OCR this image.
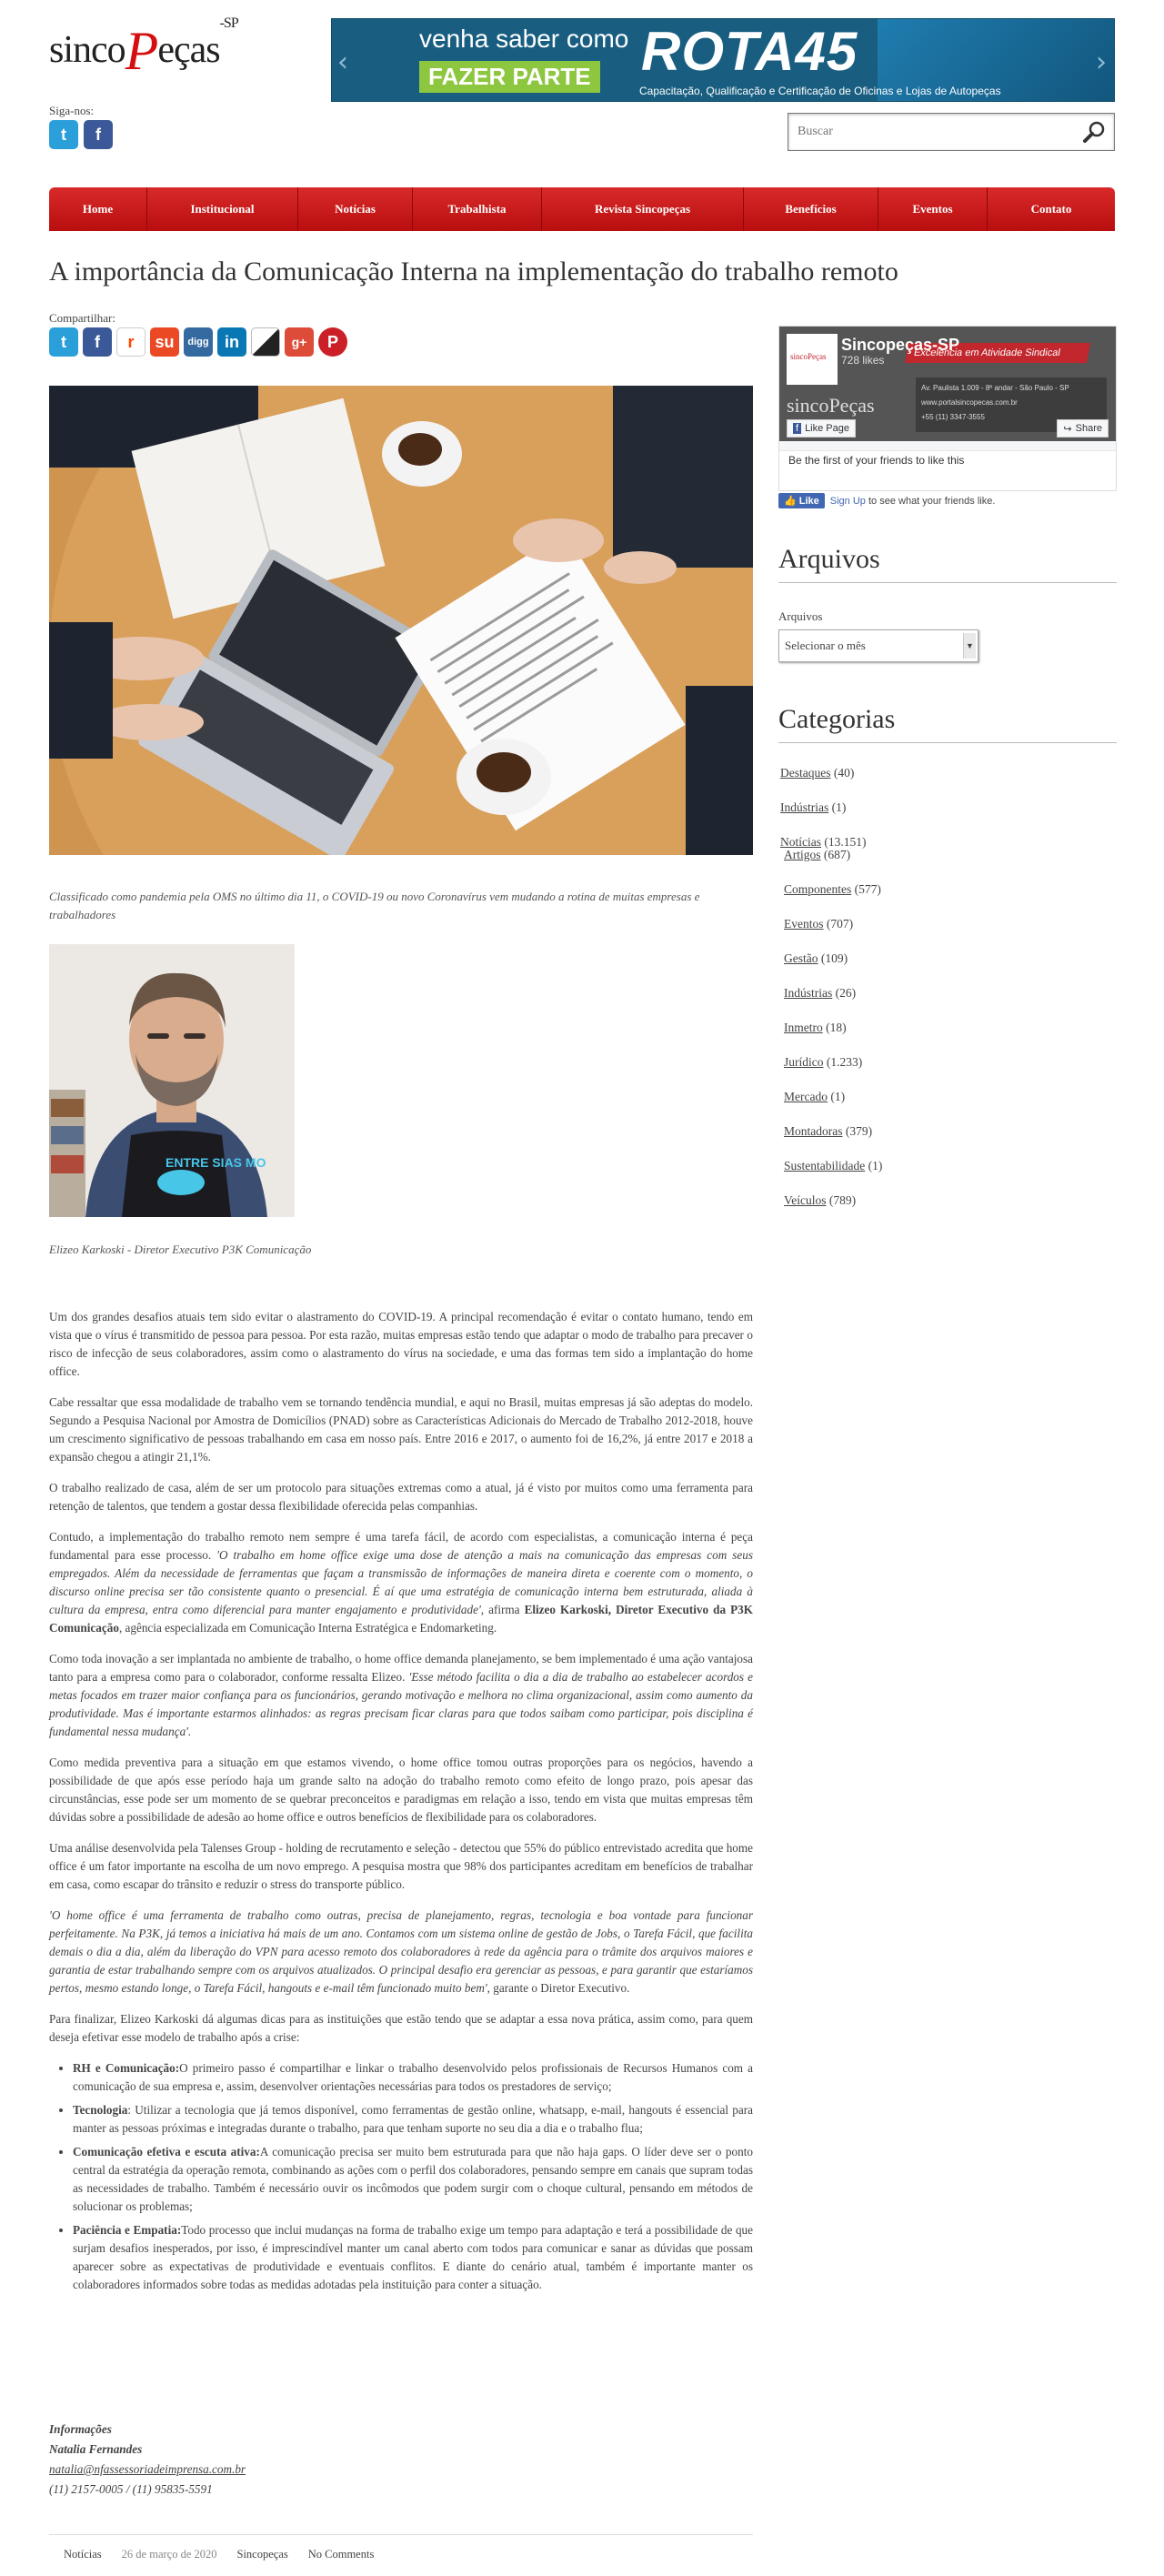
sincoPeças$^{-SP}$
‹	›
venha saber como
FAZER PARTE ROTA45
Capacitação, Qualificação e Certificação de Oficinas e Lojas de Autopeças
Siga-nos:
t	f
Buscar
Home	Institucional	Notícias	Trabalhista	Revista Sincopeças	Benefícios	Eventos	Contato
A importância da Comunicação Interna na implementação do trabalho remoto
Compartilhar:
t	f	r	su	digg in	g+	P
Classificado como pandemia pela OMS no último dia 11, o COVID-19 ou novo Coronavírus vem mudando a rotina de muitas empresas e trabalhadores
ENTRE SIAS MO
Elizeo Karkoski - Diretor Executivo P3K Comunicação

Um dos grandes desafios atuais tem sido evitar o alastramento do COVID-19. A principal recomendação é evitar o contato humano, tendo em vista que o vírus é transmitido de pessoa para pessoa. Por esta razão, muitas empresas estão tendo que adaptar o modo de trabalho para precaver o risco de infecção de seus colaboradores, assim como o alastramento do vírus na sociedade, e uma das formas tem sido a implantação do home office.

Cabe ressaltar que essa modalidade de trabalho vem se tornando tendência mundial, e aqui no Brasil, muitas empresas já são adeptas do modelo. Segundo a Pesquisa Nacional por Amostra de Domicílios (PNAD) sobre as Características Adicionais do Mercado de Trabalho 2012-2018, houve um crescimento significativo de pessoas trabalhando em casa em nosso país. Entre 2016 e 2017, o aumento foi de 16,2%, já entre 2017 e 2018 a expansão chegou a atingir 21,1%.

O trabalho realizado de casa, além de ser um protocolo para situações extremas como a atual, já é visto por muitos como uma ferramenta para retenção de talentos, que tendem a gostar dessa flexibilidade oferecida pelas companhias.

Contudo, a implementação do trabalho remoto nem sempre é uma tarefa fácil, de acordo com especialistas, a comunicação interna é peça fundamental para esse processo. 'O trabalho em home office exige uma dose de atenção a mais na comunicação das empresas com seus empregados. Além da necessidade de ferramentas que façam a transmissão de informações de maneira direta e coerente com o momento, o discurso online precisa ser tão consistente quanto o presencial. É aí que uma estratégia de comunicação interna bem estruturada, aliada à cultura da empresa, entra como diferencial para manter engajamento e produtividade', afirma Elizeo Karkoski, Diretor Executivo da P3K Comunicação, agência especializada em Comunicação Interna Estratégica e Endomarketing.

Como toda inovação a ser implantada no ambiente de trabalho, o home office demanda planejamento, se bem implementado é uma ação vantajosa tanto para a empresa como para o colaborador, conforme ressalta Elizeo. 'Esse método facilita o dia a dia de trabalho ao estabelecer acordos e metas focados em trazer maior confiança para os funcionários, gerando motivação e melhora no clima organizacional, assim como aumento da produtividade. Mas é importante estarmos alinhados: as regras precisam ficar claras para que todos saibam como participar, pois disciplina é fundamental nessa mudança'.

Como medida preventiva para a situação em que estamos vivendo, o home office tomou outras proporções para os negócios, havendo a possibilidade de que após esse período haja um grande salto na adoção do trabalho remoto como efeito de longo prazo, pois apesar das circunstâncias, esse pode ser um momento de se quebrar preconceitos e paradigmas em relação a isso, tendo em vista que muitas empresas têm dúvidas sobre a possibilidade de adesão ao home office e outros benefícios de flexibilidade para os colaboradores.

Uma análise desenvolvida pela Talenses Group - holding de recrutamento e seleção - detectou que 55% do público entrevistado acredita que home office é um fator importante na escolha de um novo emprego. A pesquisa mostra que 98% dos participantes acreditam em benefícios de trabalhar em casa, como escapar do trânsito e reduzir o stress do transporte público.

'O home office é uma ferramenta de trabalho como outras, precisa de planejamento, regras, tecnologia e boa vontade para funcionar perfeitamente. Na P3K, já temos a iniciativa há mais de um ano. Contamos com um sistema online de gestão de Jobs, o Tarefa Fácil, que facilita demais o dia a dia, além da liberação do VPN para acesso remoto dos colaboradores à rede da agência para o trâmite dos arquivos maiores e garantia de estar trabalhando sempre com os arquivos atualizados. O principal desafio era gerenciar as pessoas, e para garantir que estaríamos pertos, mesmo estando longe, o Tarefa Fácil, hangouts e e-mail têm funcionado muito bem', garante o Diretor Executivo.

Para finalizar, Elizeo Karkoski dá algumas dicas para as instituições que estão tendo que se adaptar a essa nova prática, assim como, para quem deseja efetivar esse modelo de trabalho após a crise:

• RH e Comunicação:O primeiro passo é compartilhar e linkar o trabalho desenvolvido pelos profissionais de Recursos Humanos com a comunicação de sua empresa e, assim, desenvolver orientações necessárias para todos os prestadores de serviço;
• Tecnologia: Utilizar a tecnologia que já temos disponível, como ferramentas de gestão online, whatsapp, e-mail, hangouts é essencial para manter as pessoas próximas e integradas durante o trabalho, para que tenham suporte no seu dia a dia e o trabalho flua;
• Comunicação efetiva e escuta ativa:A comunicação precisa ser muito bem estruturada para que não haja gaps. O líder deve ser o ponto central da estratégia da operação remota, combinando as ações com o perfil dos colaboradores, pensando sempre em canais que supram todas as necessidades de trabalho. Também é necessário ouvir os incômodos que podem surgir com o choque cultural, pensando em métodos de solucionar os problemas;
• Paciência e Empatia:Todo processo que inclui mudanças na forma de trabalho exige um tempo para adaptação e terá a possibilidade de que surjam desafios inesperados, por isso, é imprescindível manter um canal aberto com todos para comunicar e sanar as dúvidas que possam aparecer sobre as expectativas de produtividade e eventuais conflitos. E diante do cenário atual, também é importante manter os colaboradores informados sobre todas as medidas adotadas pela instituição para conter a situação.
Informações
Natalia Fernandes
natalia@nfassessoriadeimprensa.com.br
(11) 2157-0005 / (11) 95835-5591
Notícias 26 de março de 2020 Sincopeças No Comments
Excelência em Atividade Sindical
Av. Paulista 1.009 - 8º andar - São Paulo - SP
www.portalsincopecas.com.br
+55 (11) 3347-3555
sincoPeças
sincoPeças
Sincopeças-SP
728 likes
f Like Page	↪ Share
Be the first of your friends to like this
👍 Like	Sign Up to see what your friends like.
Arquivos
Arquivos
Selecionar o mês	▼
Categorias
Destaques (40)
Indústrias (1)
Notícias (13.151)
Artigos (687)
Componentes (577)
Eventos (707)
Gestão (109)
Indústrias (26)
Inmetro (18)
Jurídico (1.233)
Mercado (1)
Montadoras (379)
Sustentabilidade (1)
Veículos (789)
